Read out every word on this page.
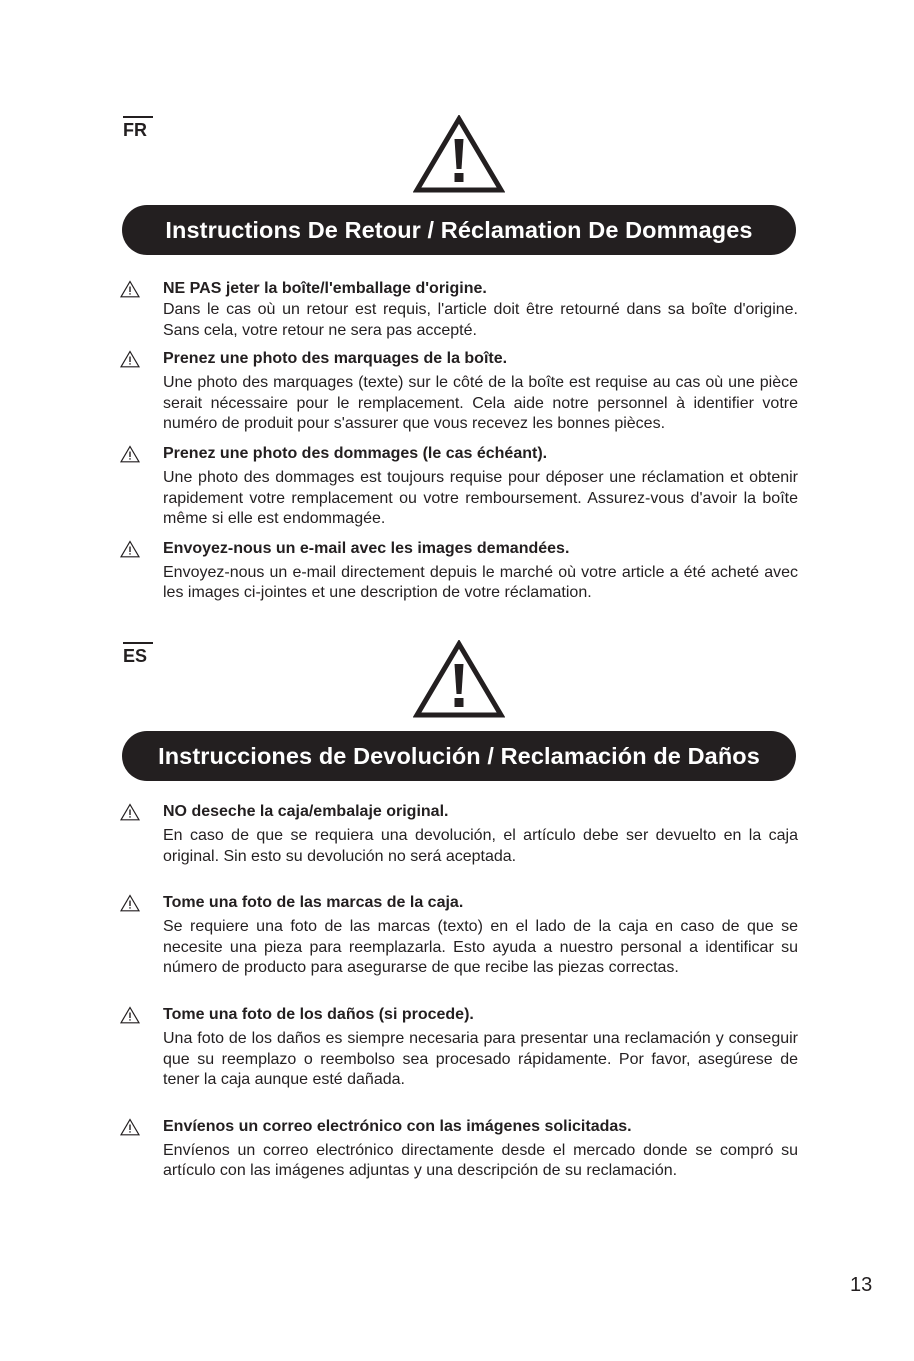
FR
Instructions De Retour / Réclamation De Dommages

NE PAS jeter la boîte/l'emballage d'origine.

Dans le cas où un retour est requis, l'article doit être retourné dans sa boîte d'origine. Sans cela, votre retour ne sera pas accepté.

Prenez une photo des marquages de la boîte.

Une photo des marquages (texte) sur le côté de la boîte est requise au cas où une pièce serait nécessaire pour le remplacement. Cela aide notre personnel à identifier votre numéro de produit pour s'assurer que vous recevez les bonnes pièces.

Prenez une photo des dommages (le cas échéant).

Une photo des dommages est toujours requise pour déposer une réclamation et obtenir rapidement votre remplacement ou votre remboursement. Assurez-vous d'avoir la boîte même si elle est endommagée.

Envoyez-nous un e-mail avec les images demandées.

Envoyez-nous un e-mail directement depuis le marché où votre article a été acheté avec les images ci-jointes et une description de votre réclamation.

ES
Instrucciones de Devolución / Reclamación de Daños

NO deseche la caja/embalaje original.

En caso de que se requiera una devolución, el artículo debe ser devuelto en la caja original. Sin esto su devolución no será aceptada.

Tome una foto de las marcas de la caja.

Se requiere una foto de las marcas (texto) en el lado de la caja en caso de que se necesite una pieza para reemplazarla. Esto ayuda a nuestro personal a identificar su número de producto para asegurarse de que recibe las piezas correctas.

Tome una foto de los daños (si procede).

Una foto de los daños es siempre necesaria para presentar una reclamación y conseguir que su reemplazo o reembolso sea procesado rápidamente. Por favor, asegúrese de tener la caja aunque esté dañada.

Envíenos un correo electrónico con las imágenes solicitadas.

Envíenos un correo electrónico directamente desde el mercado donde se compró su artículo con las imágenes adjuntas y una descripción de su reclamación.

13
